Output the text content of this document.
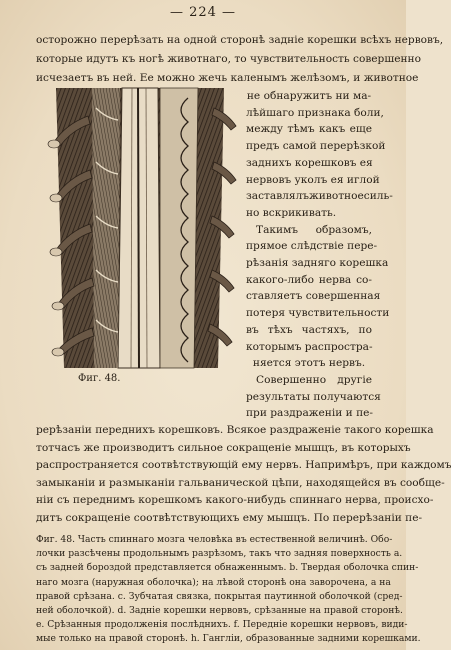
— 224 —
осторожно перерѣзать на одной сторонѣ задніе корешки всѣхъ нервовъ,
которые идутъ къ ногѣ животнаго, то чувствительность совершенно
исчезаетъ въ ней. Ее можно жечь каленымъ желѣзомъ, и животное
Фиг. 48.
не обнаружитъ ни ма-
лѣйшаго признака боли,
между тѣмъ какъ еще
предъ самой перерѣзкой
заднихъ корешковъ ея
нервовъ уколъ ея иглой
заставлялъживотноесиль-
но вскрикивать.
Такимъ образомъ,
прямое слѣдствіе пере-
рѣзанія задняго корешка
какого-либо нерва со-
ставляетъ совершенная
потеря чувствительности
въ тѣхъ частяхъ, по
которымъ распростра-
няется этотъ нервъ.
Совершенно другіе
результаты получаются
при раздраженіи и пе-
рерѣзаніи переднихъ корешковъ. Всякое раздраженіе такого корешка
тотчасъ же производитъ сильное сокращеніе мышцъ, въ которыхъ
распространяется соотвѣтствующій ему нервъ. Напримѣръ, при каждомъ
замыканіи и размыканіи гальванической цѣпи, находящейся въ сообще-
ніи съ переднимъ корешкомъ какого-нибудь спиннаго нерва, происхо-
дитъ сокращеніе соотвѣтствующихъ ему мышцъ. По перерѣзаніи пе-
Фиг. 48. Часть спиннаго мозга человѣка въ естественной величинѣ. Обо-
лочки разсѣчены продольнымъ разрѣзомъ, такъ что задняя поверхность a.
съ задней бороздой представляется обнаженнымъ. b. Твердая оболочка спин-
наго мозга (наружная оболочка); на лѣвой сторонѣ она заворочена, а на
правой срѣзана. c. Зубчатая связка, покрытая паутинной оболочкой (сред-
ней оболочкой). d. Задніе корешки нервовъ, срѣзанные на правой сторонѣ.
e. Срѣзанныя продолженія послѣднихъ. f. Передніе корешки нервовъ, види-
мые только на правой сторонѣ. h. Гангліи, образованные задними корешками.
